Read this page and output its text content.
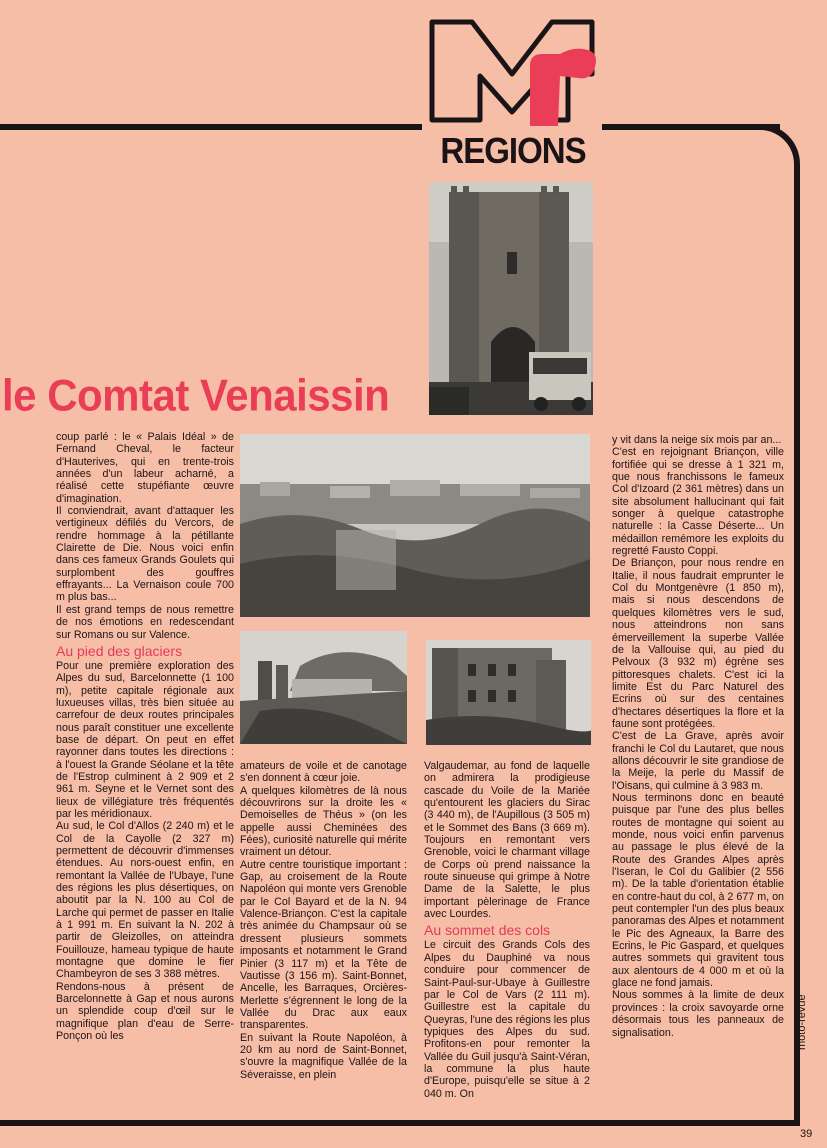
REGIONS
le Comtat Venaissin

coup parlé : le « Palais Idéal » de Fernand Cheval, le facteur d'Hauterives, qui en trente-trois années d'un labeur acharné, a réalisé cette stupéfiante œuvre d'imagination.

Il conviendrait, avant d'attaquer les vertigineux défilés du Vercors, de rendre hommage à la pétillante Clairette de Die. Nous voici enfin dans ces fameux Grands Goulets qui surplombent des gouffres effrayants... La Vernaison coule 700 m plus bas...

Il est grand temps de nous remettre de nos émotions en redescendant sur Romans ou sur Valence.

Au pied des glaciers

Pour une première exploration des Alpes du sud, Barcelonnette (1 100 m), petite capitale régionale aux luxueuses villas, très bien située au carrefour de deux routes principales nous paraît constituer une excellente base de départ. On peut en effet rayonner dans toutes les directions : à l'ouest la Grande Séolane et la tête de l'Estrop culminent à 2 909 et 2 961 m. Seyne et le Vernet sont des lieux de villégiature très fréquentés par les méridionaux.

Au sud, le Col d'Allos (2 240 m) et le Col de la Cayolle (2 327 m) permettent de découvrir d'immenses étendues. Au nors-ouest enfin, en remontant la Vallée de l'Ubaye, l'une des régions les plus désertiques, on aboutit par la N. 100 au Col de Larche qui permet de passer en Italie à 1 991 m. En suivant la N. 202 à partir de Gleizolles, on atteindra Fouillouze, hameau typique de haute montagne que domine le fier Chambeyron de ses 3 388 mètres.

Rendons-nous à présent de Barcelonnette à Gap et nous aurons un splendide coup d'œil sur le magnifique plan d'eau de Serre-Ponçon où les

amateurs de voile et de canotage s'en donnent à cœur joie.

A quelques kilomètres de là nous découvrirons sur la droite les « Demoiselles de Théus » (on les appelle aussi Cheminées des Fées), curiosité naturelle qui mérite vraiment un détour.

Autre centre touristique important : Gap, au croisement de la Route Napoléon qui monte vers Grenoble par le Col Bayard et de la N. 94 Valence-Briançon. C'est la capitale très animée du Champsaur où se dressent plusieurs sommets imposants et notamment le Grand Pinier (3 117 m) et la Tête de Vautisse (3 156 m). Saint-Bonnet, Ancelle, les Barraques, Orcières-Merlette s'égrennent le long de la Vallée du Drac aux eaux transparentes.

En suivant la Route Napoléon, à 20 km au nord de Saint-Bonnet, s'ouvre la magnifique Vallée de la Séveraisse, en plein

Valgaudemar, au fond de laquelle on admirera la prodigieuse cascade du Voile de la Mariée qu'entourent les glaciers du Sirac (3 440 m), de l'Aupillous (3 505 m) et le Sommet des Bans (3 669 m). Toujours en remontant vers Grenoble, voici le charmant village de Corps où prend naissance la route sinueuse qui grimpe à Notre Dame de la Salette, le plus important pèlerinage de France avec Lourdes.

Au sommet des cols

Le circuit des Grands Cols des Alpes du Dauphiné va nous conduire pour commencer de Saint-Paul-sur-Ubaye à Guillestre par le Col de Vars (2 111 m). Guillestre est la capitale du Queyras, l'une des régions les plus typiques des Alpes du sud. Profitons-en pour remonter la Vallée du Guil jusqu'à Saint-Véran, la commune la plus haute d'Europe, puisqu'elle se situe à 2 040 m. On

y vit dans la neige six mois par an...

C'est en rejoignant Briançon, ville fortifiée qui se dresse à 1 321 m, que nous franchissons le fameux Col d'Izoard (2 361 mètres) dans un site absolument hallucinant qui fait songer à quelque catastrophe naturelle : la Casse Déserte... Un médaillon remémore les exploits du regretté Fausto Coppi.

De Briançon, pour nous rendre en Italie, il nous faudrait emprunter le Col du Montgenèvre (1 850 m), mais si nous descendons de quelques kilomètres vers le sud, nous atteindrons non sans émerveillement la superbe Vallée de la Vallouise qui, au pied du Pelvoux (3 932 m) égrène ses pittoresques chalets. C'est ici la limite Est du Parc Naturel des Ecrins où sur des centaines d'hectares désertiques la flore et la faune sont protégées.

C'est de La Grave, après avoir franchi le Col du Lautaret, que nous allons découvrir le site grandiose de la Meije, la perle du Massif de l'Oisans, qui culmine à 3 983 m.

Nous terminons donc en beauté puisque par l'une des plus belles routes de montagne qui soient au monde, nous voici enfin parvenus au passage le plus élevé de la Route des Grandes Alpes après l'Iseran, le Col du Galibier (2 556 m). De la table d'orientation établie en contre-haut du col, à 2 677 m, on peut contempler l'un des plus beaux panoramas des Alpes et notamment le Pic des Agneaux, la Barre des Ecrins, le Pic Gaspard, et quelques autres sommets qui gravitent tous aux alentours de 4 000 m et où la glace ne fond jamais.

Nous sommes à la limite de deux provinces : la croix savoyarde orne désormais tous les panneaux de signalisation.	moto-revue
39
